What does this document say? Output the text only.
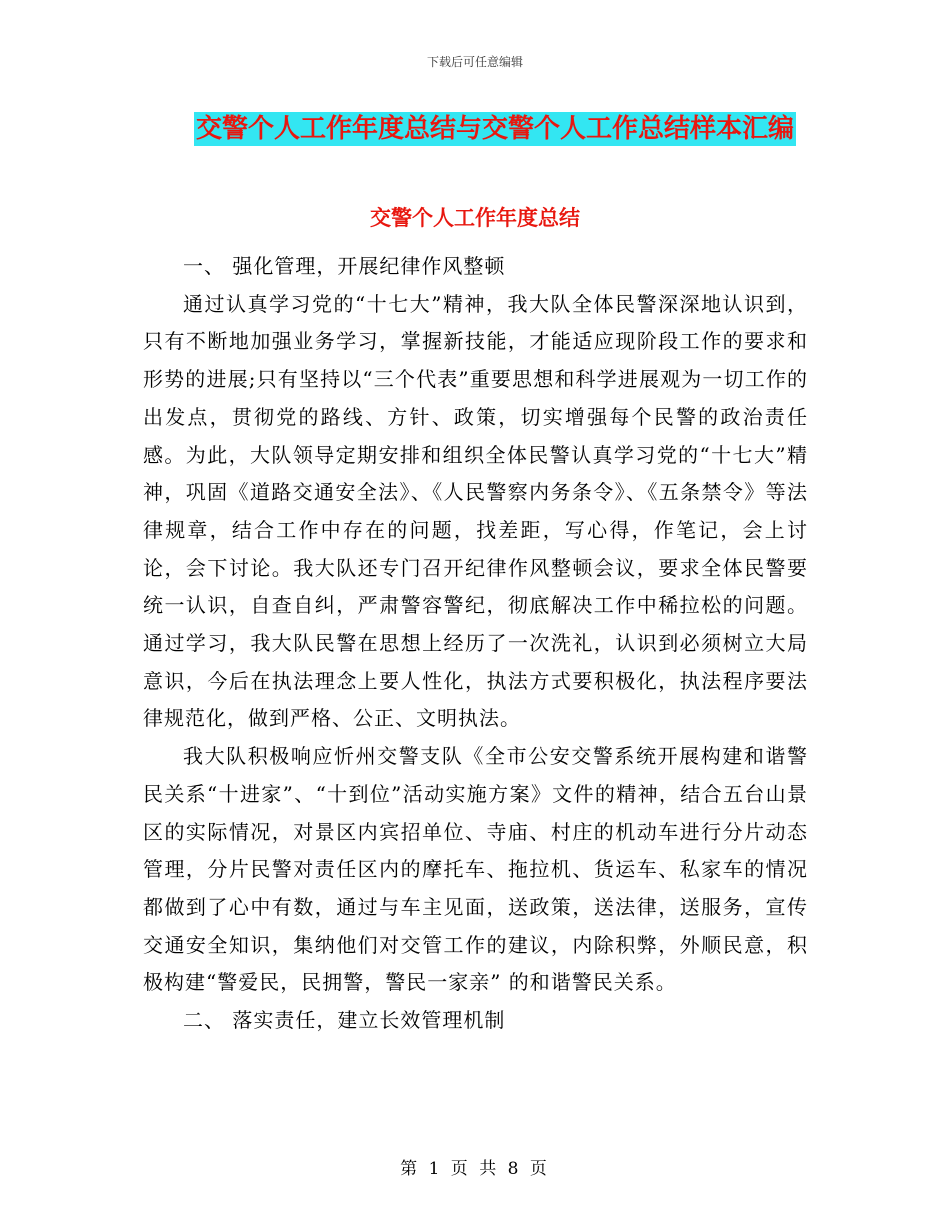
下载后可任意编辑
交警个人工作年度总结与交警个人工作总结样本汇编
交警个人工作年度总结

一、 强化管理，开展纪律作风整顿

通过认真学习党的“十七大”精神，我大队全体民警深深地认识到，只有不断地加强业务学习，掌握新技能，才能适应现阶段工作的要求和形势的进展;只有坚持以“三个代表”重要思想和科学进展观为一切工作的出发点，贯彻党的路线、方针、政策，切实增强每个民警的政治责任感。为此，大队领导定期安排和组织全体民警认真学习党的“十七大”精神，巩固《道路交通安全法》、《人民警察内务条令》、《五条禁令》等法律规章，结合工作中存在的问题，找差距，写心得，作笔记，会上讨论，会下讨论。我大队还专门召开纪律作风整顿会议，要求全体民警要统一认识，自查自纠，严肃警容警纪，彻底解决工作中稀拉松的问题。通过学习，我大队民警在思想上经历了一次洗礼，认识到必须树立大局意识，今后在执法理念上要人性化，执法方式要积极化，执法程序要法律规范化，做到严格、公正、文明执法。

我大队积极响应忻州交警支队《全市公安交警系统开展构建和谐警民关系“十进家”、“十到位”活动实施方案》文件的精神，结合五台山景区的实际情况，对景区内宾招单位、寺庙、村庄的机动车进行分片动态管理，分片民警对责任区内的摩托车、拖拉机、货运车、私家车的情况都做到了心中有数，通过与车主见面，送政策，送法律，送服务，宣传交通安全知识，集纳他们对交管工作的建议，内除积弊，外顺民意，积极构建“警爱民，民拥警，警民一家亲” 的和谐警民关系。

二、 落实责任，建立长效管理机制

第 1 页 共 8 页
